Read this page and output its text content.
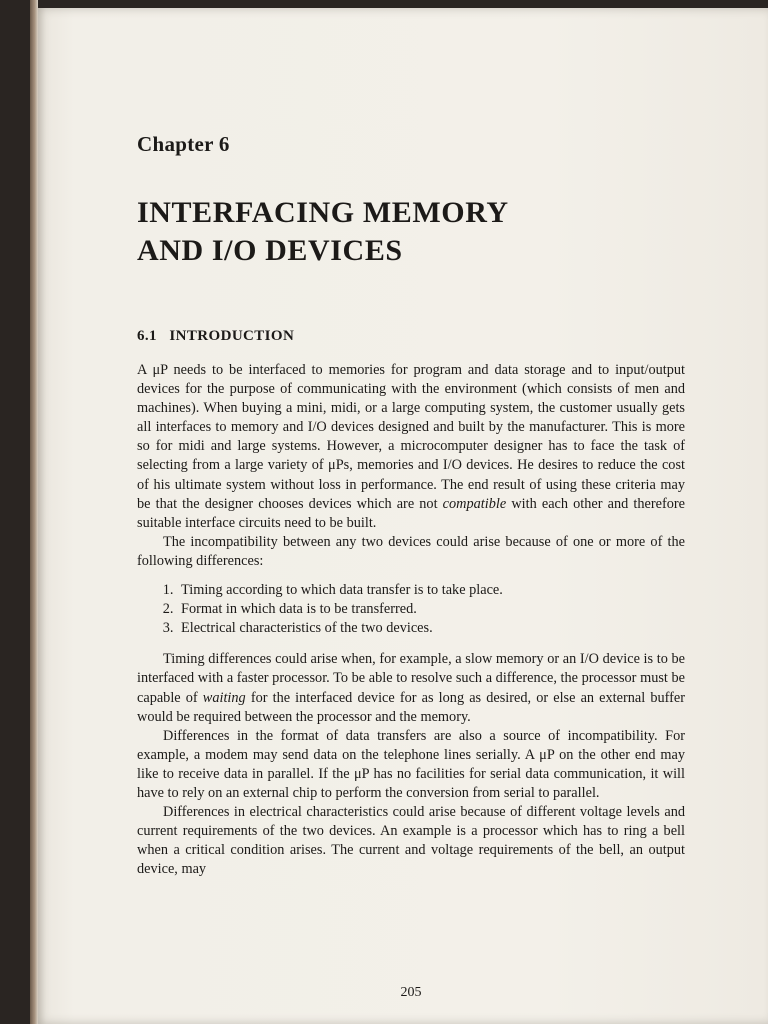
Chapter 6
INTERFACING MEMORY
AND I/O DEVICES
6.1 INTRODUCTION

A μP needs to be interfaced to memories for program and data storage and to input/output devices for the purpose of communicating with the environment (which consists of men and machines). When buying a mini, midi, or a large computing system, the customer usually gets all interfaces to memory and I/O devices designed and built by the manufacturer. This is more so for midi and large systems. However, a microcomputer designer has to face the task of selecting from a large variety of μPs, memories and I/O devices. He desires to reduce the cost of his ultimate system without loss in performance. The end result of using these criteria may be that the designer chooses devices which are not compatible with each other and therefore suitable interface circuits need to be built.

The incompatibility between any two devices could arise because of one or more of the following differences:

1. Timing according to which data transfer is to take place.
2. Format in which data is to be transferred.
3. Electrical characteristics of the two devices.

Timing differences could arise when, for example, a slow memory or an I/O device is to be interfaced with a faster processor. To be able to resolve such a difference, the processor must be capable of waiting for the interfaced device for as long as desired, or else an external buffer would be required between the processor and the memory.

Differences in the format of data transfers are also a source of incompatibility. For example, a modem may send data on the telephone lines serially. A μP on the other end may like to receive data in parallel. If the μP has no facilities for serial data communication, it will have to rely on an external chip to perform the conversion from serial to parallel.

Differences in electrical characteristics could arise because of different voltage levels and current requirements of the two devices. An example is a processor which has to ring a bell when a critical condition arises. The current and voltage requirements of the bell, an output device, may

205
